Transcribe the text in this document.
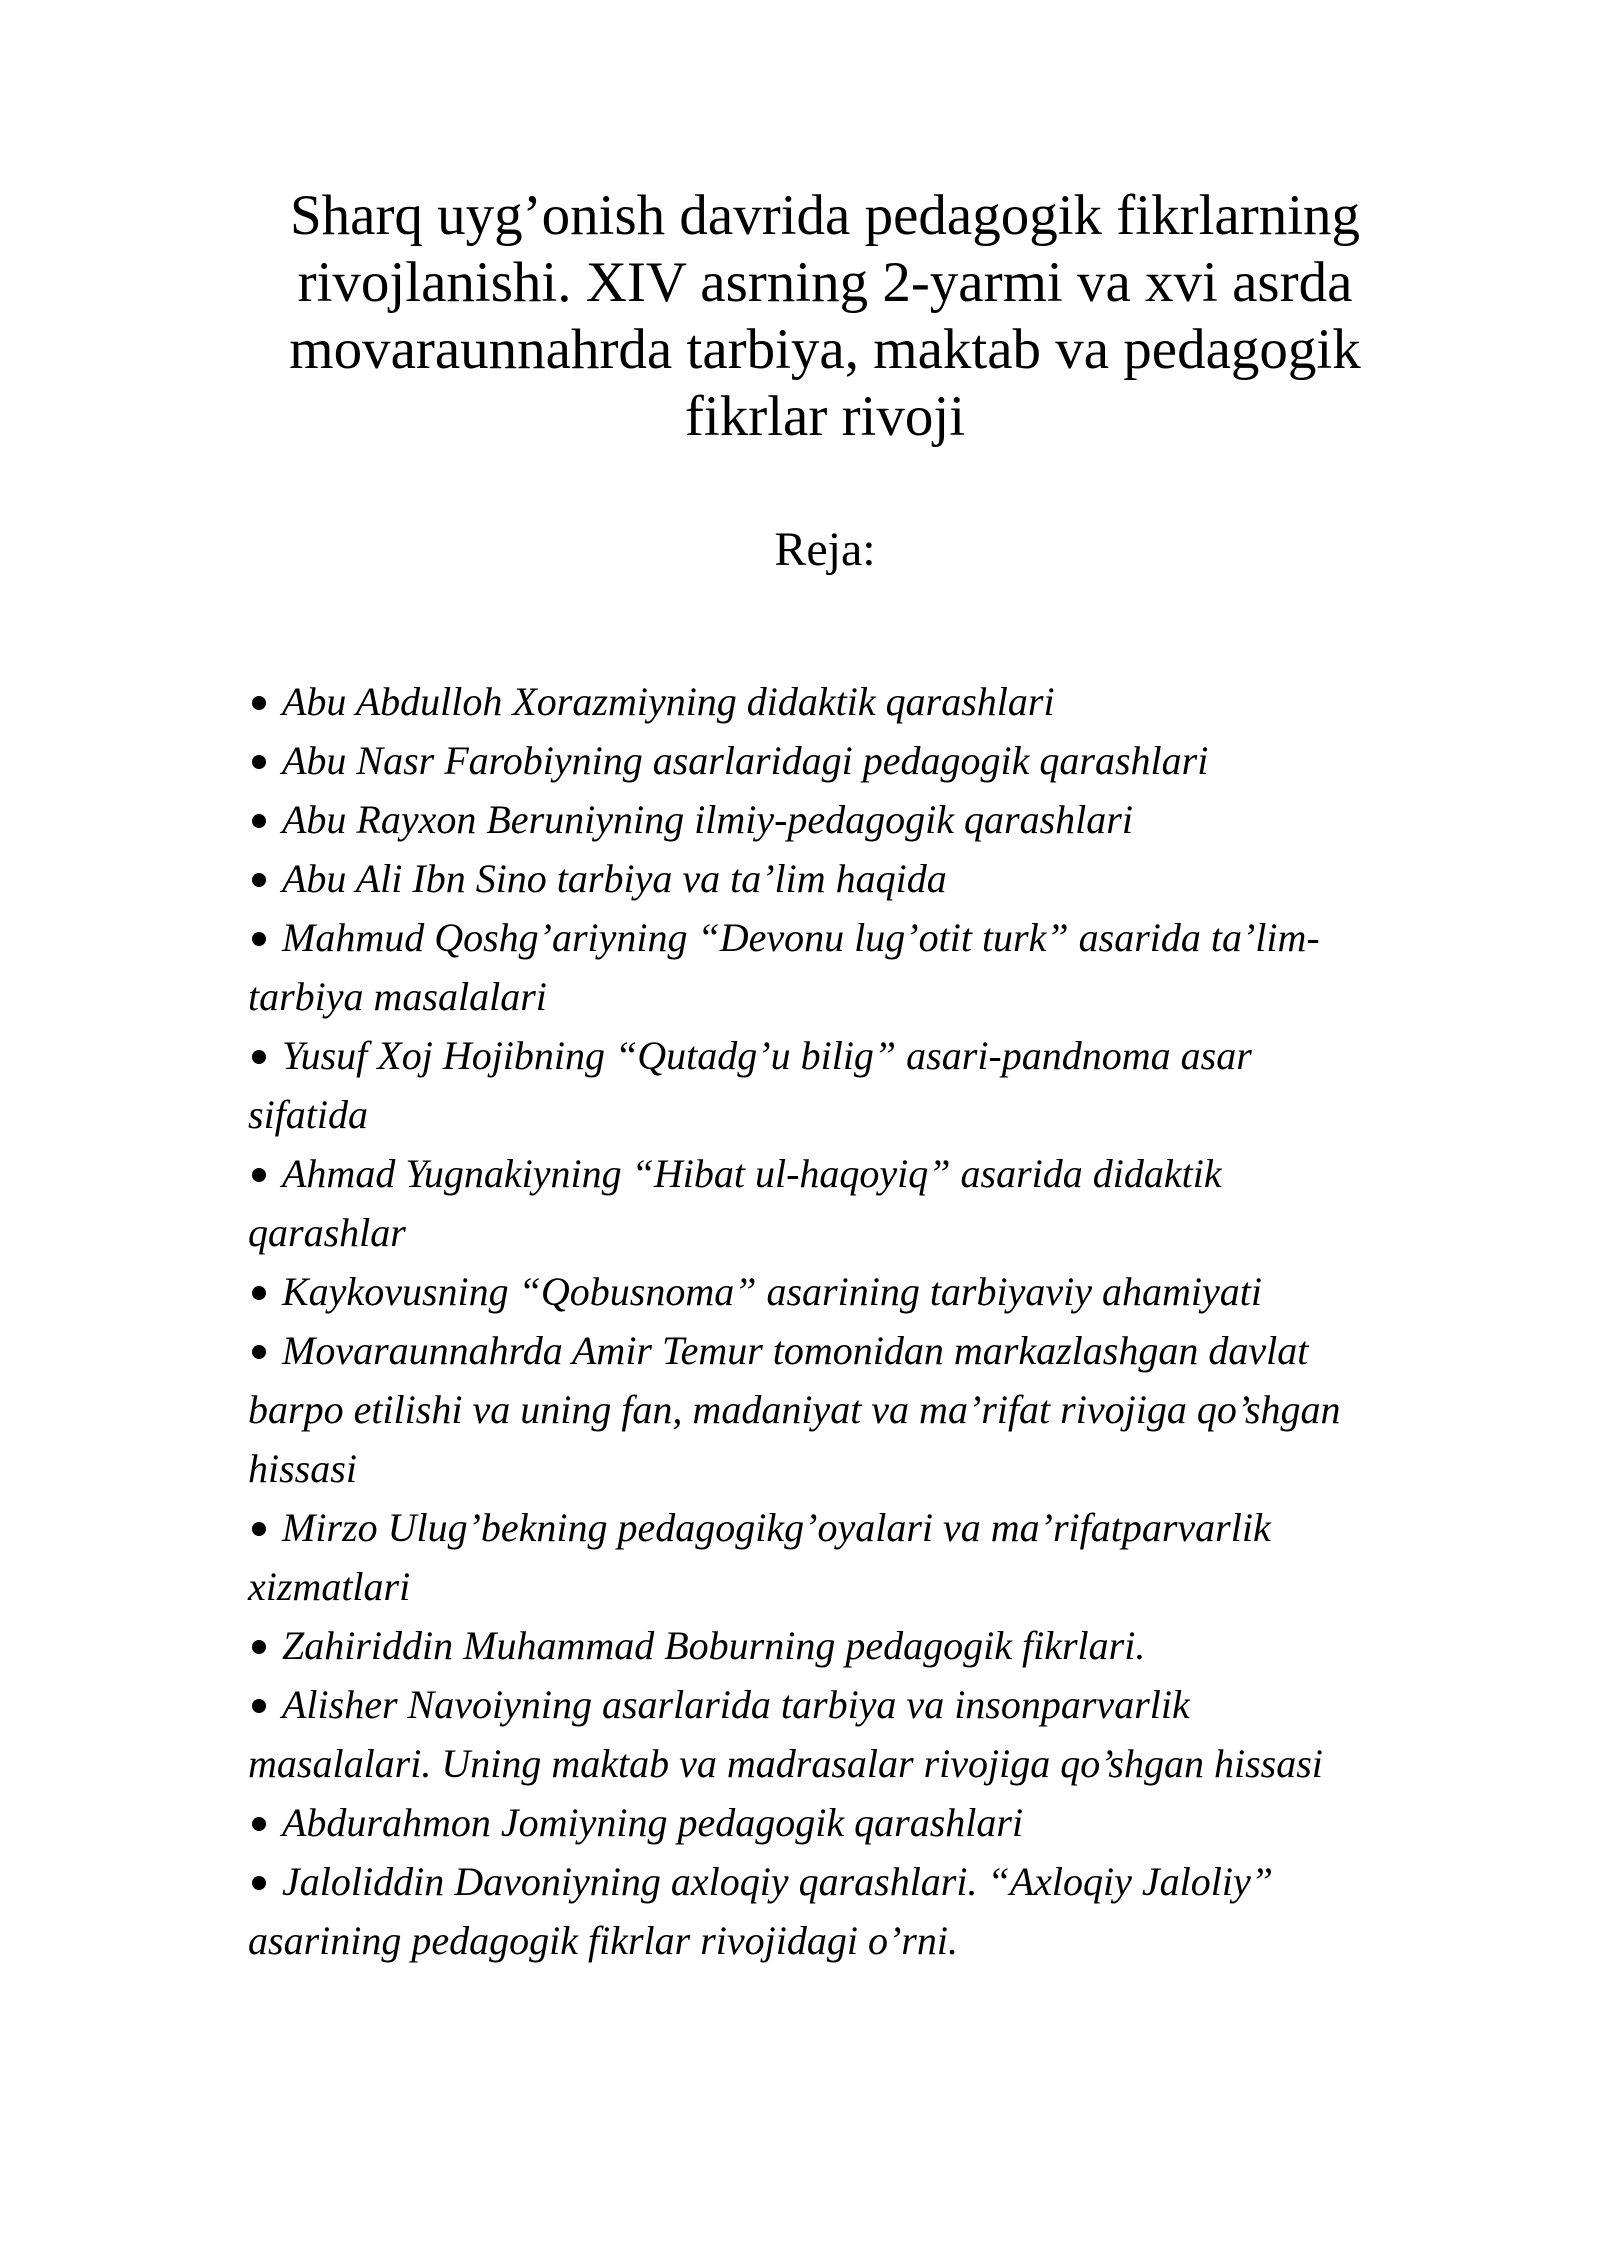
Sharq uyg’onish davrida pedagogik fikrlarning
rivojlanishi. XIV asrning 2-yarmi va xvi asrda
movaraunnahrda tarbiya, maktab va pedagogik
fikrlar rivoji
Reja:
Abu Abdulloh Xorazmiyning didaktik qarashlari
Abu Nasr Farobiyning asarlaridagi pedagogik qarashlari
Abu Rayxon Beruniyning ilmiy-pedagogik qarashlari
Abu Ali Ibn Sino tarbiya va ta’lim haqida
Mahmud Qoshg’ariyning “Devonu lug’otit turk” asarida ta’lim-
tarbiya masalalari
Yusuf Xoj Hojibning “Qutadg’u bilig” asari-pandnoma asar
sifatida
Ahmad Yugnakiyning “Hibat ul-haqoyiq” asarida didaktik
qarashlar
Kaykovusning “Qobusnoma” asarining tarbiyaviy ahamiyati
Movaraunnahrda Amir Temur tomonidan markazlashgan davlat
barpo etilishi va uning fan, madaniyat va ma’rifat rivojiga qo’shgan
hissasi
Mirzo Ulug’bekning pedagogikg’oyalari va ma’rifatparvarlik
xizmatlari
Zahiriddin Muhammad Boburning pedagogik fikrlari.
Alisher Navoiyning asarlarida tarbiya va insonparvarlik
masalalari. Uning maktab va madrasalar rivojiga qo’shgan hissasi
Abdurahmon Jomiyning pedagogik qarashlari
Jaloliddin Davoniyning axloqiy qarashlari. “Axloqiy Jaloliy”
asarining pedagogik fikrlar rivojidagi o’rni.
